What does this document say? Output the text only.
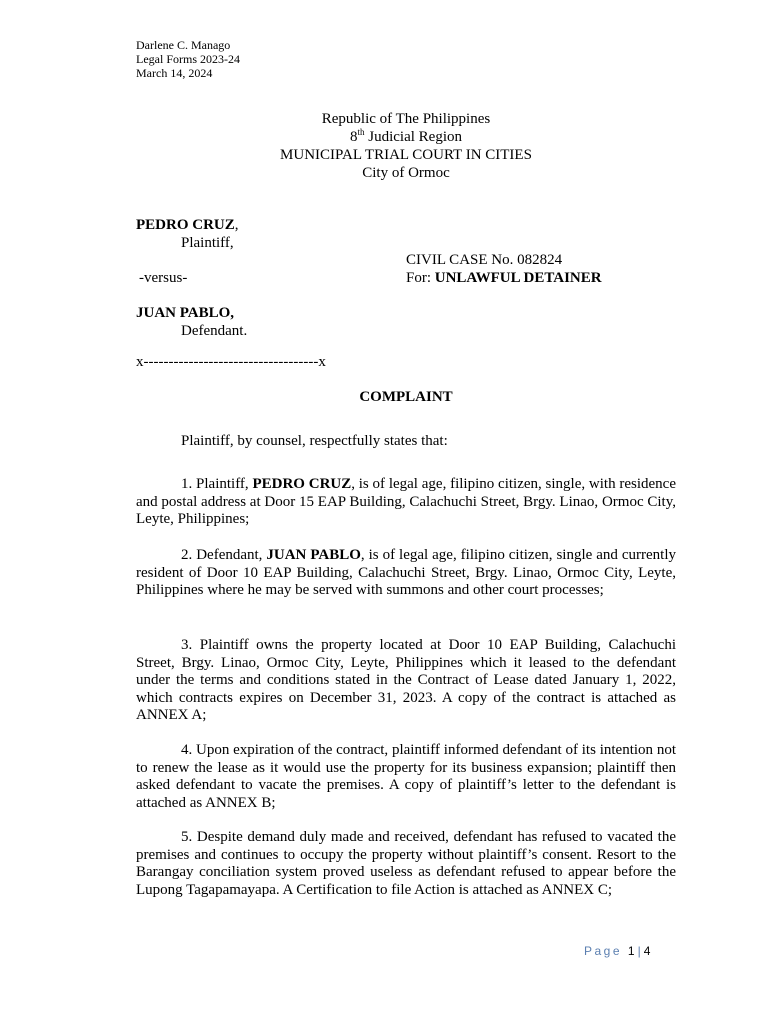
Darlene C. Manago
Legal Forms 2023-24
March 14, 2024
Republic of The Philippines
8th Judicial Region
MUNICIPAL TRIAL COURT IN CITIES
City of Ormoc
PEDRO CRUZ,
Plaintiff,
CIVIL CASE No. 082824
-versus-	For: UNLAWFUL DETAINER
JUAN PABLO,
Defendant.
x-----------------------------------x
COMPLAINT
Plaintiff, by counsel, respectfully states that:
1. Plaintiff, PEDRO CRUZ, is of legal age, filipino citizen, single, with residence and postal address at Door 15 EAP Building, Calachuchi Street, Brgy. Linao, Ormoc City, Leyte, Philippines;
2. Defendant, JUAN PABLO, is of legal age, filipino citizen, single and currently resident of Door 10 EAP Building, Calachuchi Street, Brgy. Linao, Ormoc City, Leyte, Philippines where he may be served with summons and other court processes;
3. Plaintiff owns the property located at Door 10 EAP Building, Calachuchi Street, Brgy. Linao, Ormoc City, Leyte, Philippines which it leased to the defendant under the terms and conditions stated in the Contract of Lease dated January 1, 2022, which contracts expires on December 31, 2023. A copy of the contract is attached as ANNEX A;
4. Upon expiration of the contract, plaintiff informed defendant of its intention not to renew the lease as it would use the property for its business expansion; plaintiff then asked defendant to vacate the premises. A copy of plaintiff’s letter to the defendant is attached as ANNEX B;
5. Despite demand duly made and received, defendant has refused to vacated the premises and continues to occupy the property without plaintiff’s consent. Resort to the Barangay conciliation system proved useless as defendant refused to appear before the Lupong Tagapamayapa. A Certification to file Action is attached as ANNEX C;
Page 1 | 4
